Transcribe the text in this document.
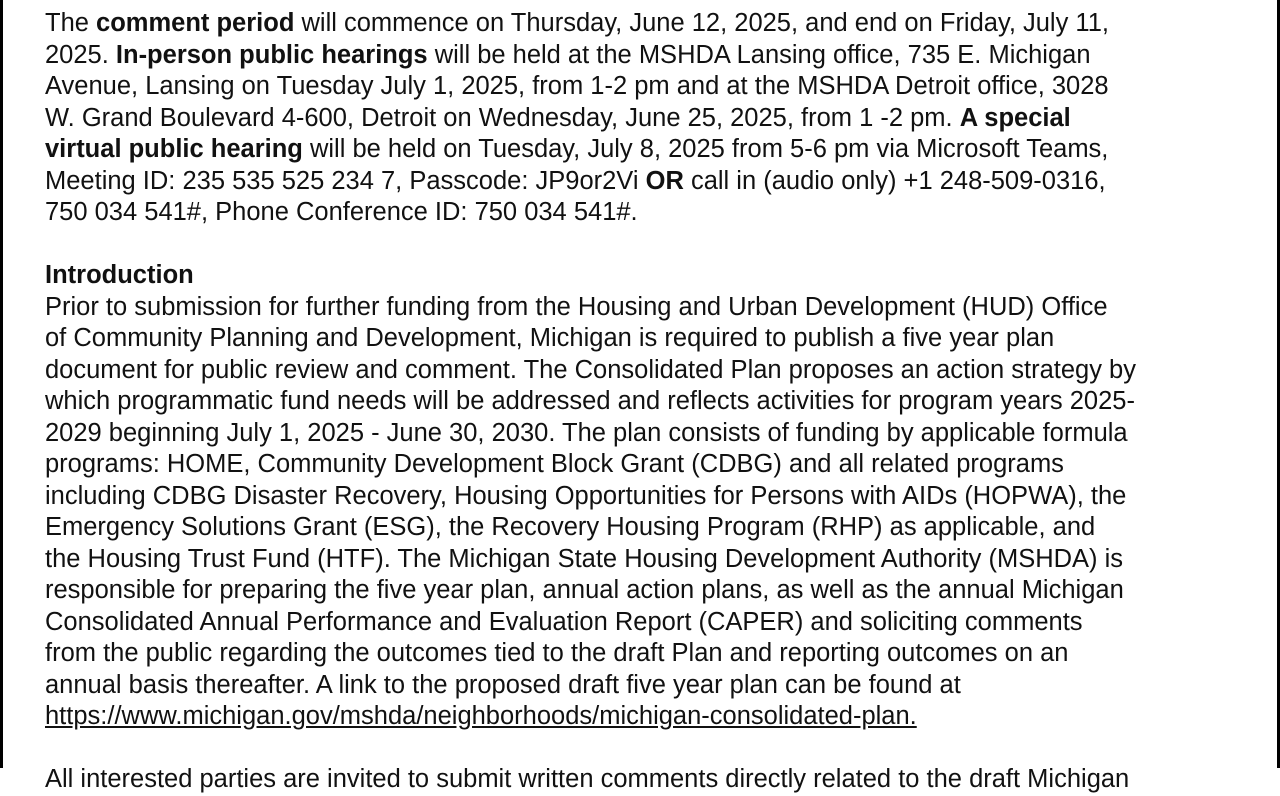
The comment period will commence on Thursday, June 12, 2025, and end on Friday, July 11,
2025. In-person public hearings will be held at the MSHDA Lansing office, 735 E. Michigan
Avenue, Lansing on Tuesday July 1, 2025, from 1-2 pm and at the MSHDA Detroit office, 3028
W. Grand Boulevard 4-600, Detroit on Wednesday, June 25, 2025, from 1 -2 pm. A special
virtual public hearing will be held on Tuesday, July 8, 2025 from 5-6 pm via Microsoft Teams,
Meeting ID: 235 535 525 234 7, Passcode: JP9or2Vi OR call in (audio only) +1 248-509-0316,
750 034 541#, Phone Conference ID: 750 034 541#.
Introduction
Prior to submission for further funding from the Housing and Urban Development (HUD) Office
of Community Planning and Development, Michigan is required to publish a five year plan
document for public review and comment. The Consolidated Plan proposes an action strategy by
which programmatic fund needs will be addressed and reflects activities for program years 2025-
2029 beginning July 1, 2025 - June 30, 2030. The plan consists of funding by applicable formula
programs: HOME, Community Development Block Grant (CDBG) and all related programs
including CDBG Disaster Recovery, Housing Opportunities for Persons with AIDs (HOPWA), the
Emergency Solutions Grant (ESG), the Recovery Housing Program (RHP) as applicable, and
the Housing Trust Fund (HTF). The Michigan State Housing Development Authority (MSHDA) is
responsible for preparing the five year plan, annual action plans, as well as the annual Michigan
Consolidated Annual Performance and Evaluation Report (CAPER) and soliciting comments
from the public regarding the outcomes tied to the draft Plan and reporting outcomes on an
annual basis thereafter. A link to the proposed draft five year plan can be found at
https://www.michigan.gov/mshda/neighborhoods/michigan-consolidated-plan.
All interested parties are invited to submit written comments directly related to the draft Michigan
